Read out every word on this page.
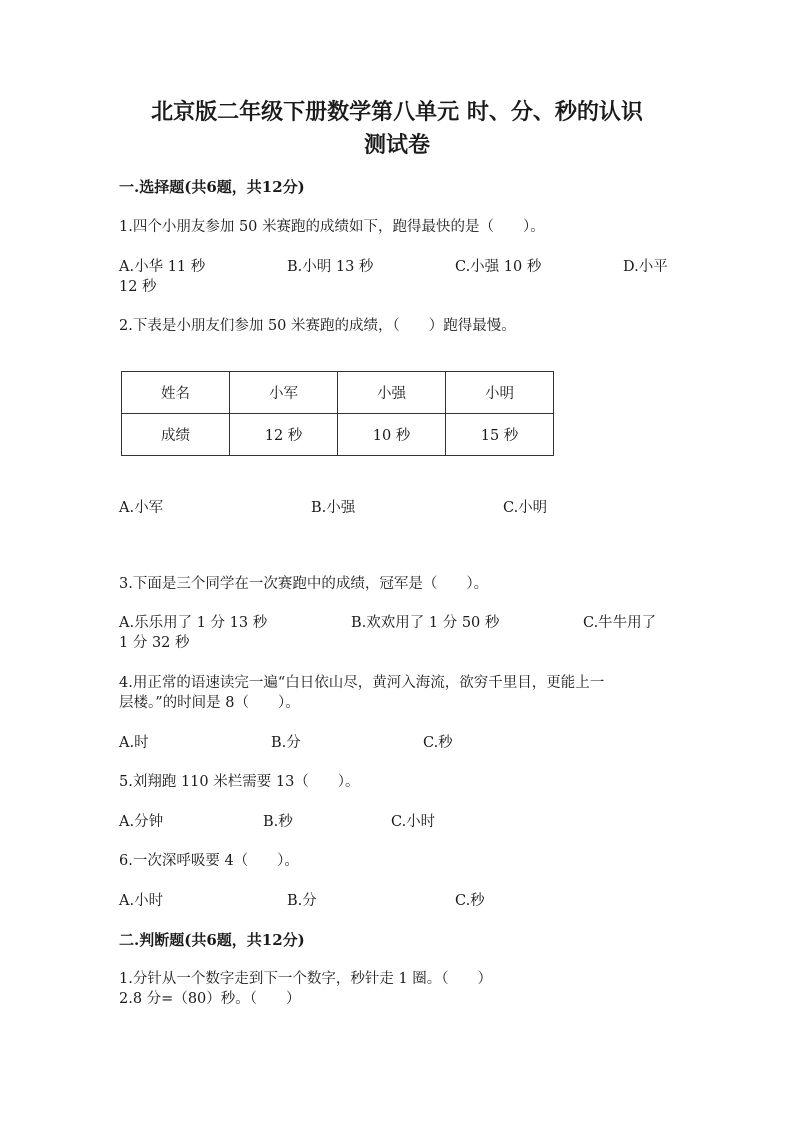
北京版二年级下册数学第八单元 时、分、秒的认识
测试卷
一.选择题(共6题，共12分)
1.四个小朋友参加 50 米赛跑的成绩如下，跑得最快的是（　　）。
A.小华 11 秒	B.小明 13 秒	C.小强 10 秒	D.小平
12 秒
2.下表是小朋友们参加 50 米赛跑的成绩，（　　）跑得最慢。
姓名	小军	小强	小明
成绩	12 秒	10 秒	15 秒
A.小军	B.小强	C.小明
3.下面是三个同学在一次赛跑中的成绩，冠军是（　　）。
A.乐乐用了 1 分 13 秒	B.欢欢用了 1 分 50 秒	C.牛牛用了
1 分 32 秒
4.用正常的语速读完一遍“白日依山尽，黄河入海流，欲穷千里目，更能上一
层楼。”的时间是 8（　　）。
A.时	B.分	C.秒
5.刘翔跑 110 米栏需要 13（　　）。
A.分钟	B.秒	C.小时
6.一次深呼吸要 4（　　）。
A.小时	B.分	C.秒
二.判断题(共6题，共12分)
1.分针从一个数字走到下一个数字，秒针走 1 圈。（　　）
2.8 分=（80）秒。（　　）
